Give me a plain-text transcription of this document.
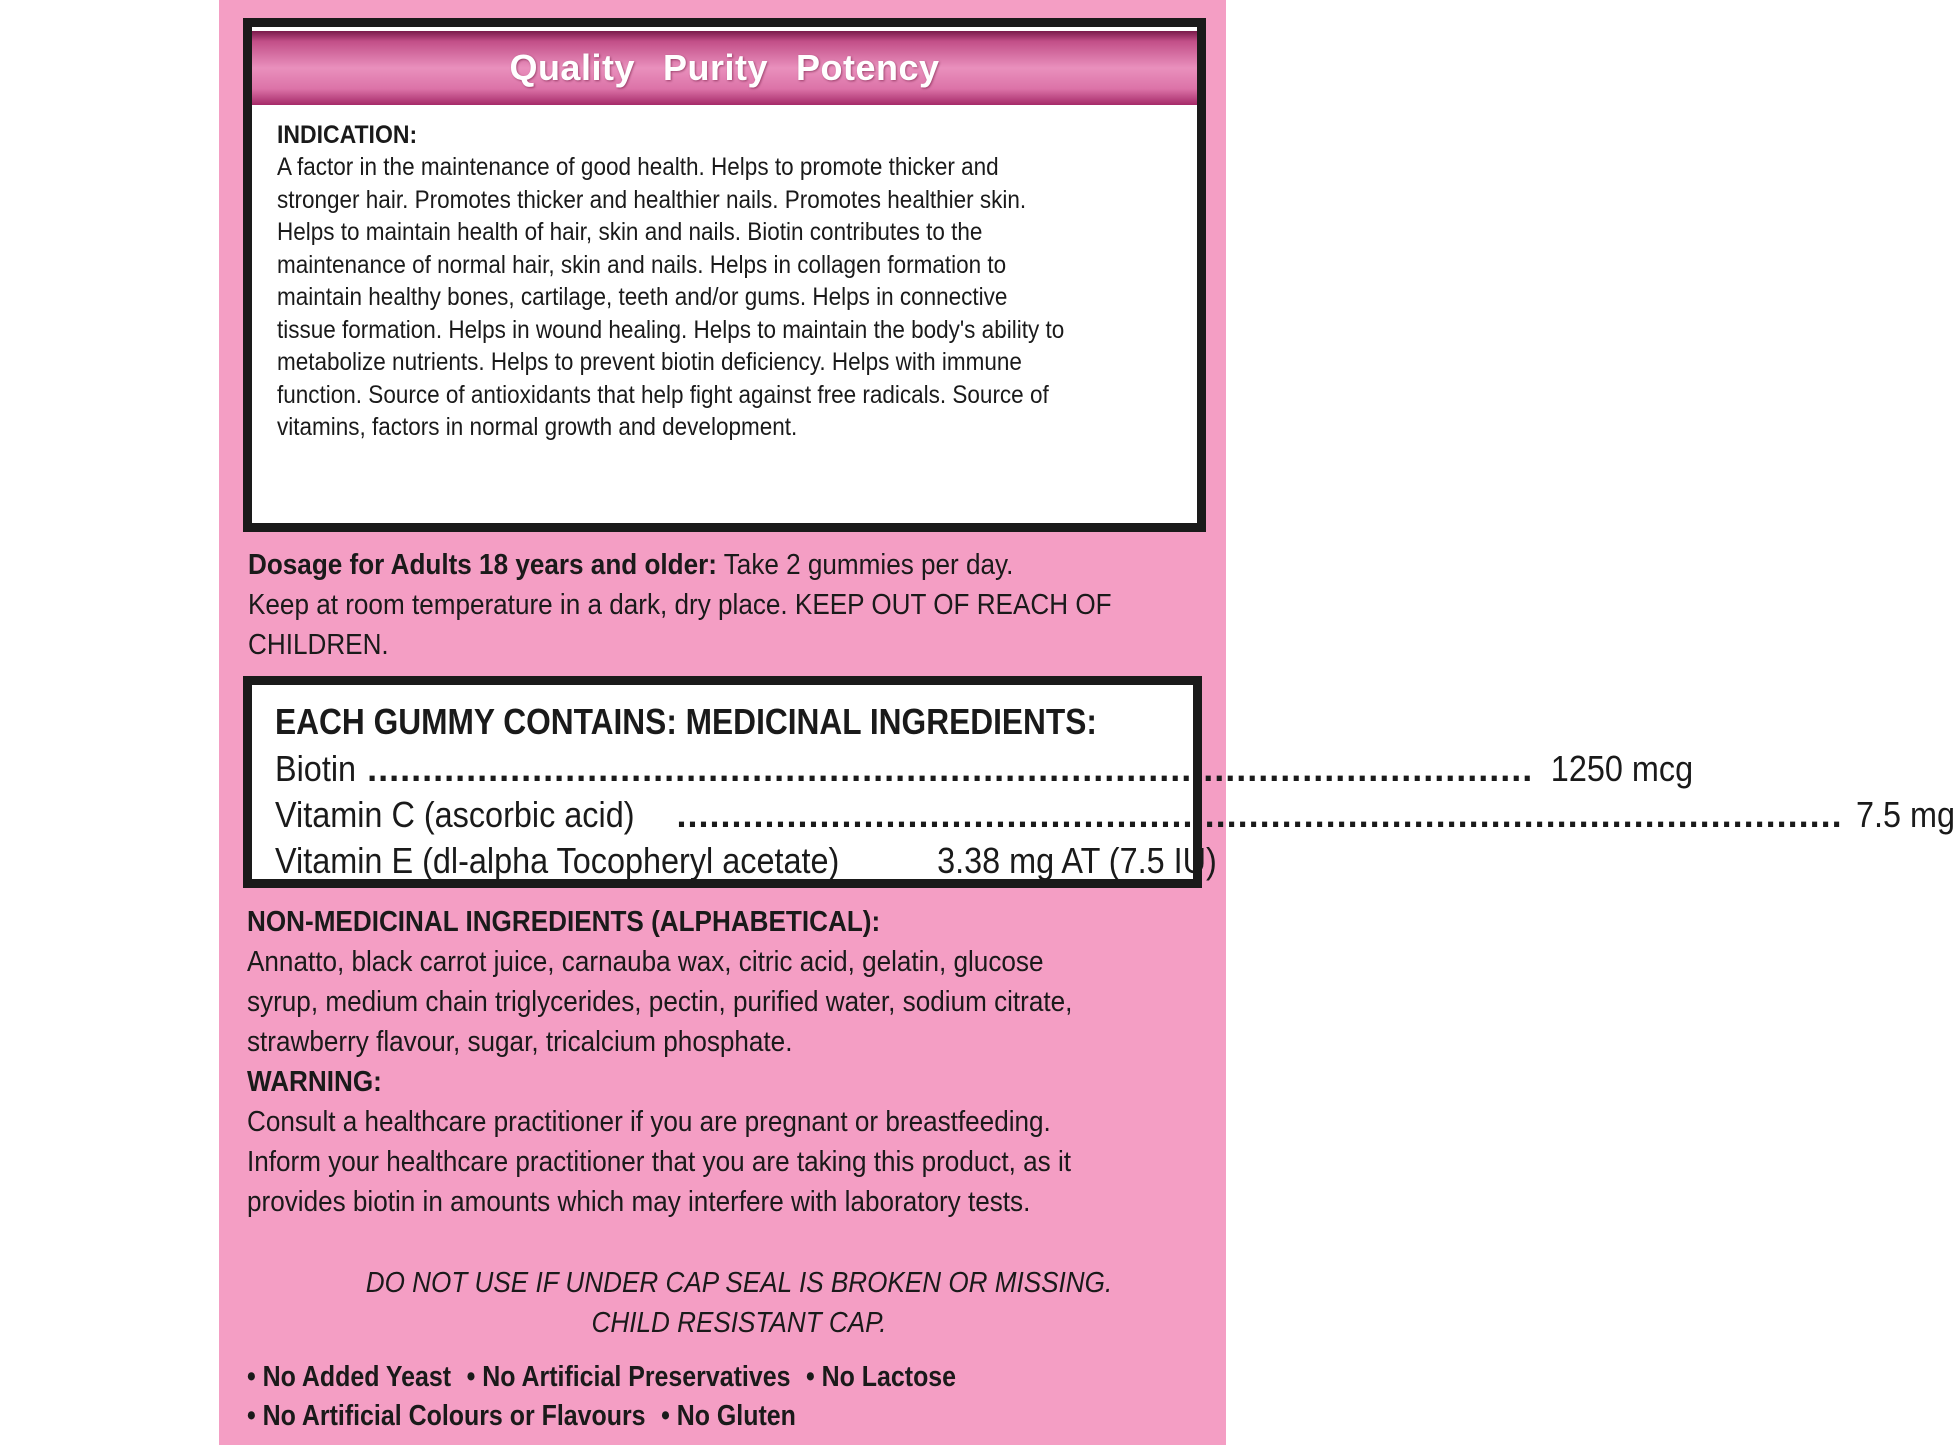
Quality Purity Potency
INDICATION:
A factor in the maintenance of good health. Helps to promote thicker and
stronger hair. Promotes thicker and healthier nails. Promotes healthier skin.
Helps to maintain health of hair, skin and nails. Biotin contributes to the
maintenance of normal hair, skin and nails. Helps in collagen formation to
maintain healthy bones, cartilage, teeth and/or gums. Helps in connective
tissue formation. Helps in wound healing. Helps to maintain the body's ability to
metabolize nutrients. Helps to prevent biotin deficiency. Helps with immune
function. Source of antioxidants that help fight against free radicals. Source of
vitamins, factors in normal growth and development.
Dosage for Adults 18 years and older: Take 2 gummies per day.
Keep at room temperature in a dark, dry place. KEEP OUT OF REACH OF
CHILDREN.
EACH GUMMY CONTAINS: MEDICINAL INGREDIENTS:
Biotin .......................................................................................................... 1250 mcg
Vitamin C (ascorbic acid) .......................................................................................................... 7.5 mg
Vitamin E (dl-alpha Tocopheryl acetate)	3.38 mg AT (7.5 IU)
NON-MEDICINAL INGREDIENTS (ALPHABETICAL):
Annatto, black carrot juice, carnauba wax, citric acid, gelatin, glucose
syrup, medium chain triglycerides, pectin, purified water, sodium citrate,
strawberry flavour, sugar, tricalcium phosphate.
WARNING:
Consult a healthcare practitioner if you are pregnant or breastfeeding.
Inform your healthcare practitioner that you are taking this product, as it
provides biotin in amounts which may interfere with laboratory tests.
DO NOT USE IF UNDER CAP SEAL IS BROKEN OR MISSING.
CHILD RESISTANT CAP.
• No Added Yeast • No Artificial Preservatives • No Lactose
• No Artificial Colours or Flavours • No Gluten
